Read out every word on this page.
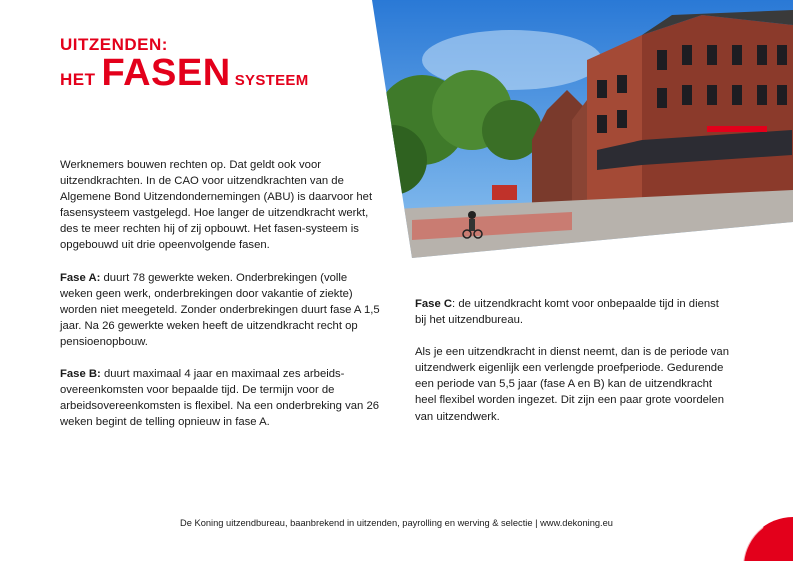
UITZENDEN:
HET FASEN SYSTEEM

Werknemers bouwen rechten op. Dat geldt ook voor uitzendkrachten. In de CAO voor uitzendkrachten van de Algemene Bond Uitzendondernemingen (ABU) is daarvoor het fasensysteem vastgelegd. Hoe langer de uitzendkracht werkt, des te meer rechten hij of zij opbouwt. Het fasen-systeem is opgebouwd uit drie opeenvolgende fasen.

Fase A: duurt 78 gewerkte weken. Onderbrekingen (volle weken geen werk, onderbrekingen door vakantie of ziekte) worden niet meegeteld. Zonder onderbrekingen duurt fase A 1,5 jaar. Na 26 gewerkte weken heeft de uitzendkracht recht op pensioenopbouw.

Fase B: duurt maximaal 4 jaar en maximaal zes arbeids-overeenkomsten voor bepaalde tijd. De termijn voor de arbeidsovereenkomsten is flexibel. Na een onderbreking van 26 weken begint de telling opnieuw in fase A.

Fase C: de uitzendkracht komt voor onbepaalde tijd in dienst bij het uitzendbureau.

Als je een uitzendkracht in dienst neemt, dan is de periode van uitzendwerk eigenlijk een verlengde proefperiode. Gedurende een periode van 5,5 jaar (fase A en B) kan de uitzendkracht heel flexibel worden ingezet. Dit zijn een paar grote voordelen van uitzendwerk.

De Koning uitzendbureau, baanbrekend in uitzenden, payrolling en werving & selectie | www.dekoning.eu
